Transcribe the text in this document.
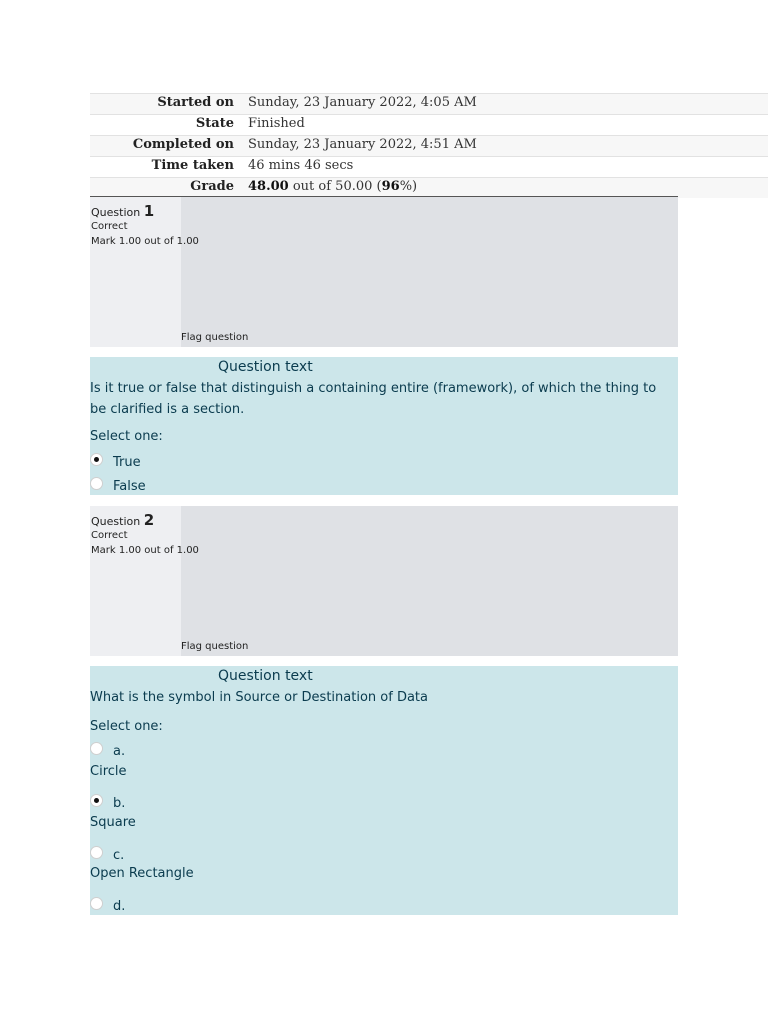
Started on Sunday, 23 January 2022, 4:05 AM
State Finished
Completed on Sunday, 23 January 2022, 4:51 AM
Time taken 46 mins 46 secs
Grade 48.00 out of 50.00 (96%)
Question 1
Correct
Mark 1.00 out of 1.00
Flag question
Question text
Is it true or false that distinguish a containing entire (framework), of which the thing to be clarified is a section.
Select one:
True
False
Question 2
Correct
Mark 1.00 out of 1.00
Flag question
Question text
What is the symbol in Source or Destination of Data
Select one:
a.
Circle
b.
Square
c.
Open Rectangle
d.
